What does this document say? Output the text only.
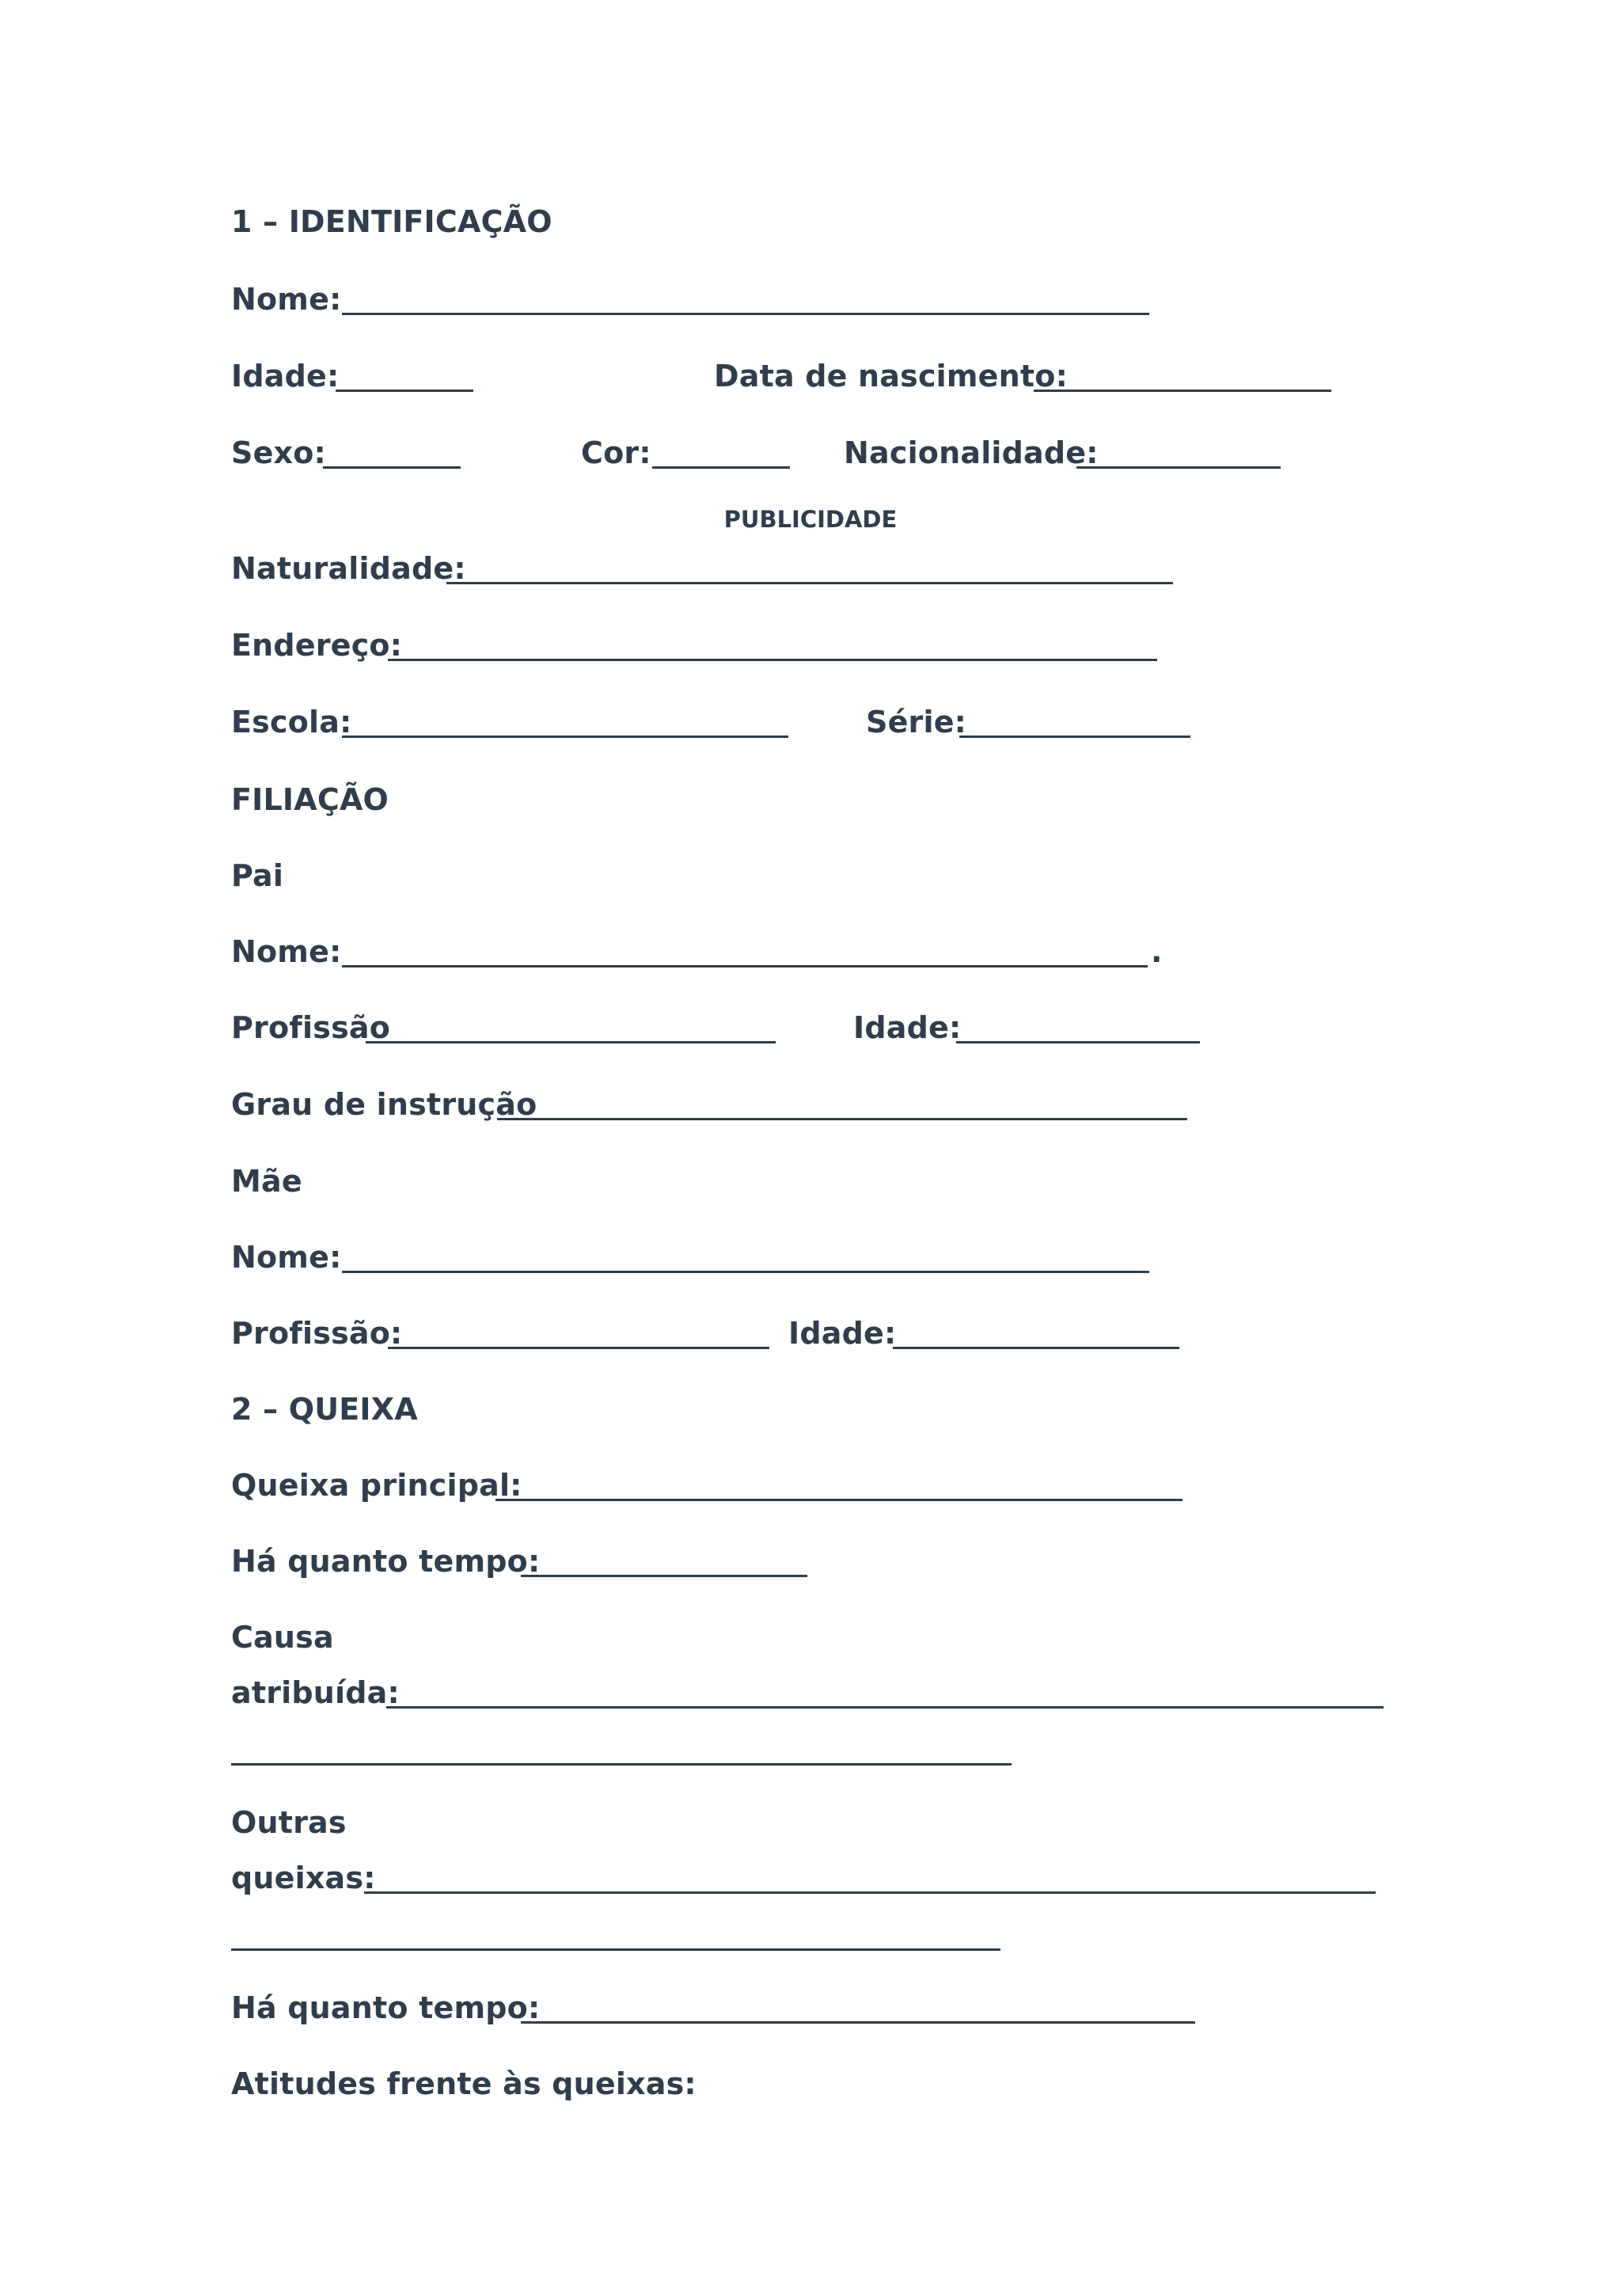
1 – IDENTIFICAÇÃO
Nome:
Idade:	Data de nascimento:
Sexo:	Cor:	Nacionalidade:
PUBLICIDADE
Naturalidade:
Endereço:
Escola:	Série:
FILIAÇÃO
Pai
Nome:	.
Profissão	Idade:
Grau de instrução
Mãe
Nome:
Profissão:	Idade:
2 – QUEIXA
Queixa principal:
Há quanto tempo:
Causa
atribuída:
Outras
queixas:
Há quanto tempo:
Atitudes frente às queixas:
